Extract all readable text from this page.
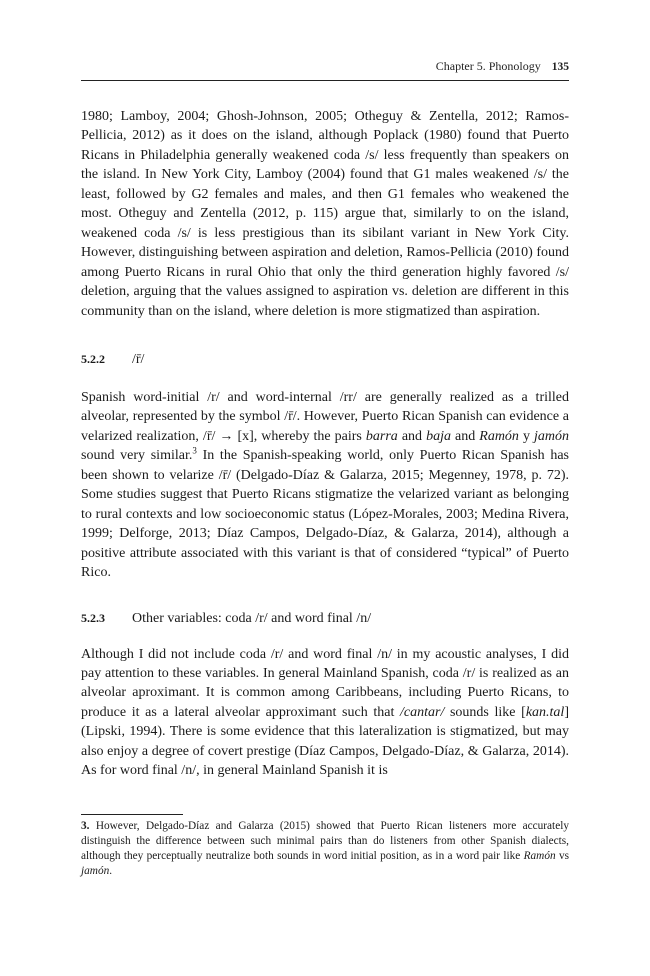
Chapter 5. Phonology 135

1980; Lamboy, 2004; Ghosh-Johnson, 2005; Otheguy & Zentella, 2012; Ramos-Pellicia, 2012) as it does on the island, although Poplack (1980) found that Puerto Ricans in Philadelphia generally weakened coda /s/ less frequently than speakers on the island. In New York City, Lamboy (2004) found that G1 males weakened /s/ the least, followed by G2 females and males, and then G1 females who weakened the most. Otheguy and Zentella (2012, p. 115) argue that, similarly to on the island, weakened coda /s/ is less prestigious than its sibilant variant in New York City. However, distinguishing between aspiration and deletion, Ramos-Pellicia (2010) found among Puerto Ricans in rural Ohio that only the third generation highly favored /s/ deletion, arguing that the values assigned to aspiration vs. deletion are different in this community than on the island, where deletion is more stigmatized than aspiration.

5.2.2 /r̄/

Spanish word-initial /r/ and word-internal /rr/ are generally realized as a trilled alveolar, represented by the symbol /r̄/. However, Puerto Rican Spanish can evidence a velarized realization, /r̄/ → [x], whereby the pairs barra and baja and Ramón y jamón sound very similar.$^3$ In the Spanish-speaking world, only Puerto Rican Spanish has been shown to velarize /r̄/ (Delgado-Díaz & Galarza, 2015; Megenney, 1978, p. 72). Some studies suggest that Puerto Ricans stigmatize the velarized variant as belonging to rural contexts and low socioeconomic status (López-Morales, 2003; Medina Rivera, 1999; Delforge, 2013; Díaz Campos, Delgado-Díaz, & Galarza, 2014), although a positive attribute associated with this variant is that of considered “typical” of Puerto Rico.

5.2.3 Other variables: coda /r/ and word final /n/

Although I did not include coda /r/ and word final /n/ in my acoustic analyses, I did pay attention to these variables. In general Mainland Spanish, coda /r/ is realized as an alveolar aproximant. It is common among Caribbeans, including Puerto Ricans, to produce it as a lateral alveolar approximant such that /cantar/ sounds like [kan.tal] (Lipski, 1994). There is some evidence that this lateralization is stigmatized, but may also enjoy a degree of covert prestige (Díaz Campos, Delgado-Díaz, & Galarza, 2014). As for word final /n/, in general Mainland Spanish it is

3. However, Delgado-Díaz and Galarza (2015) showed that Puerto Rican listeners more accurately distinguish the difference between such minimal pairs than do listeners from other Spanish dialects, although they perceptually neutralize both sounds in word initial position, as in a word pair like Ramón vs jamón.
